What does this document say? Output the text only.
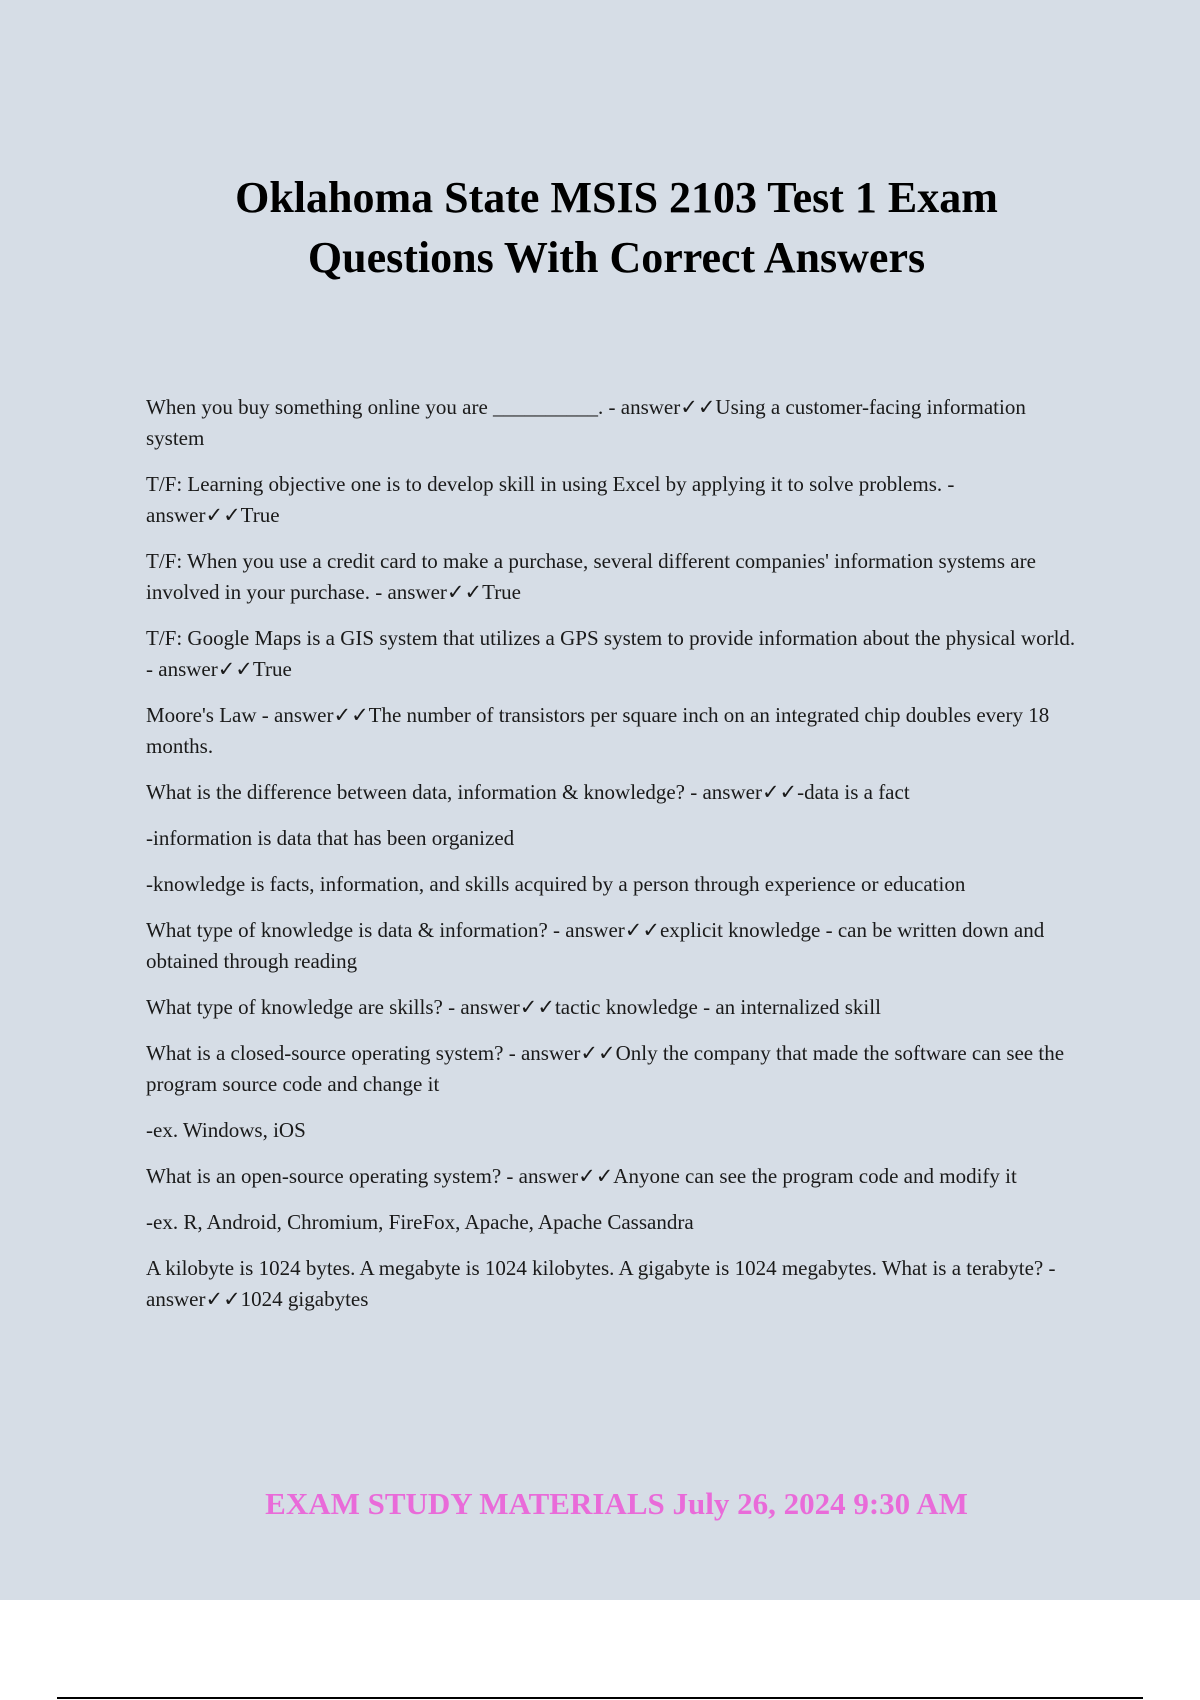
Oklahoma State MSIS 2103 Test 1 Exam
Questions With Correct Answers

When you buy something online you are __________. - answer✓✓Using a customer-facing information system

T/F: Learning objective one is to develop skill in using Excel by applying it to solve problems. - answer✓✓True

T/F: When you use a credit card to make a purchase, several different companies' information systems are involved in your purchase. - answer✓✓True

T/F: Google Maps is a GIS system that utilizes a GPS system to provide information about the physical world. - answer✓✓True

Moore's Law - answer✓✓The number of transistors per square inch on an integrated chip doubles every 18 months.

What is the difference between data, information & knowledge? - answer✓✓-data is a fact

-information is data that has been organized

-knowledge is facts, information, and skills acquired by a person through experience or education

What type of knowledge is data & information? - answer✓✓explicit knowledge - can be written down and obtained through reading

What type of knowledge are skills? - answer✓✓tactic knowledge - an internalized skill

What is a closed-source operating system? - answer✓✓Only the company that made the software can see the program source code and change it

-ex. Windows, iOS

What is an open-source operating system? - answer✓✓Anyone can see the program code and modify it

-ex. R, Android, Chromium, FireFox, Apache, Apache Cassandra

A kilobyte is 1024 bytes. A megabyte is 1024 kilobytes. A gigabyte is 1024 megabytes. What is a terabyte? - answer✓✓1024 gigabytes

EXAM STUDY MATERIALS July 26, 2024 9:30 AM
